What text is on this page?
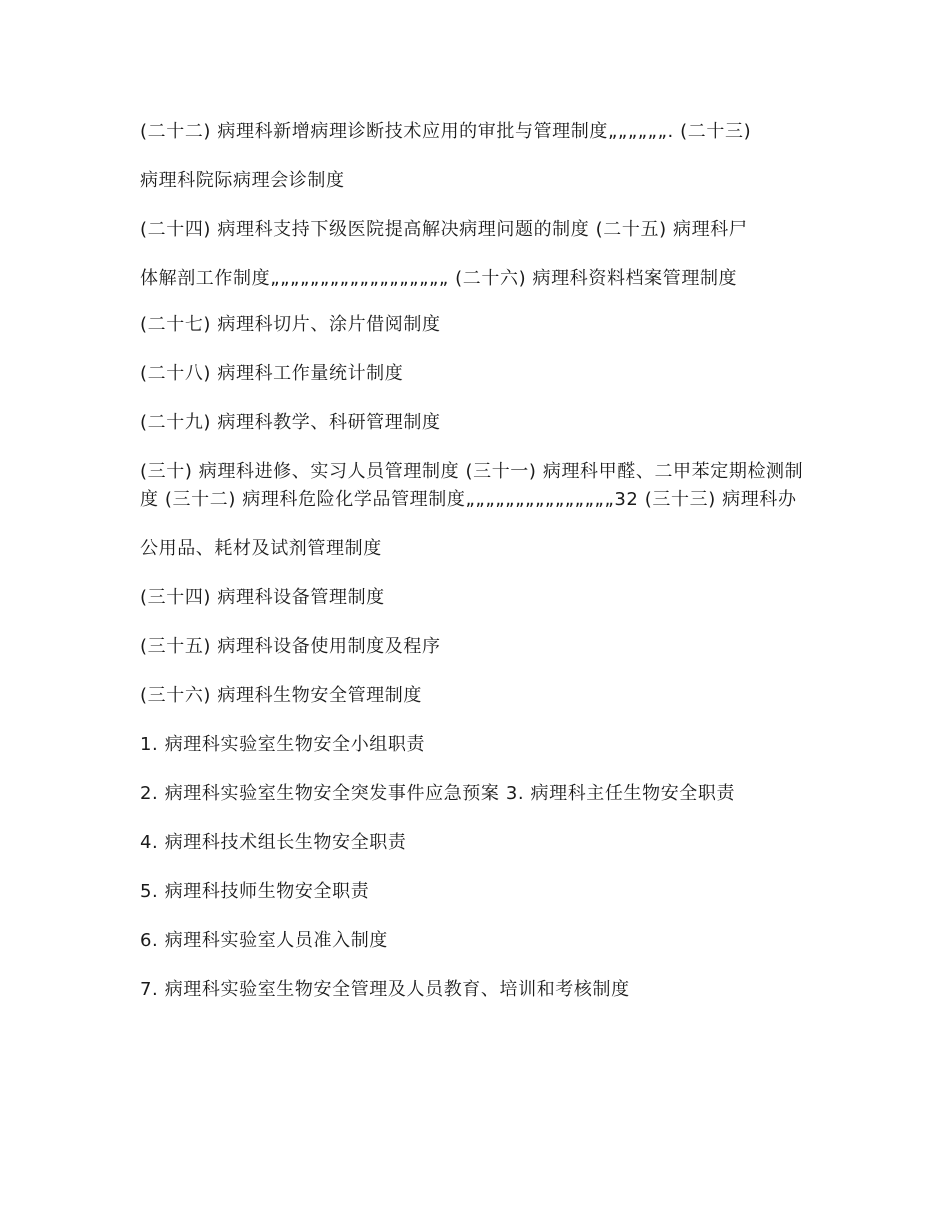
(二十二) 病理科新增病理诊断技术应用的审批与管理制度„„„„„„. (二十三)
病理科院际病理会诊制度
(二十四) 病理科支持下级医院提高解决病理问题的制度 (二十五) 病理科尸
体解剖工作制度„„„„„„„„„„„„„„„„„„ (二十六) 病理科资料档案管理制度
(二十七) 病理科切片、涂片借阅制度
(二十八) 病理科工作量统计制度
(二十九) 病理科教学、科研管理制度
(三十) 病理科进修、实习人员管理制度 (三十一) 病理科甲醛、二甲苯定期检测制度 (三十二) 病理科危险化学品管理制度„„„„„„„„„„„„„„„32 (三十三) 病理科办
公用品、耗材及试剂管理制度
(三十四) 病理科设备管理制度
(三十五) 病理科设备使用制度及程序
(三十六) 病理科生物安全管理制度
1. 病理科实验室生物安全小组职责
2. 病理科实验室生物安全突发事件应急预案 3. 病理科主任生物安全职责
4. 病理科技术组长生物安全职责
5. 病理科技师生物安全职责
6. 病理科实验室人员准入制度
7. 病理科实验室生物安全管理及人员教育、培训和考核制度
